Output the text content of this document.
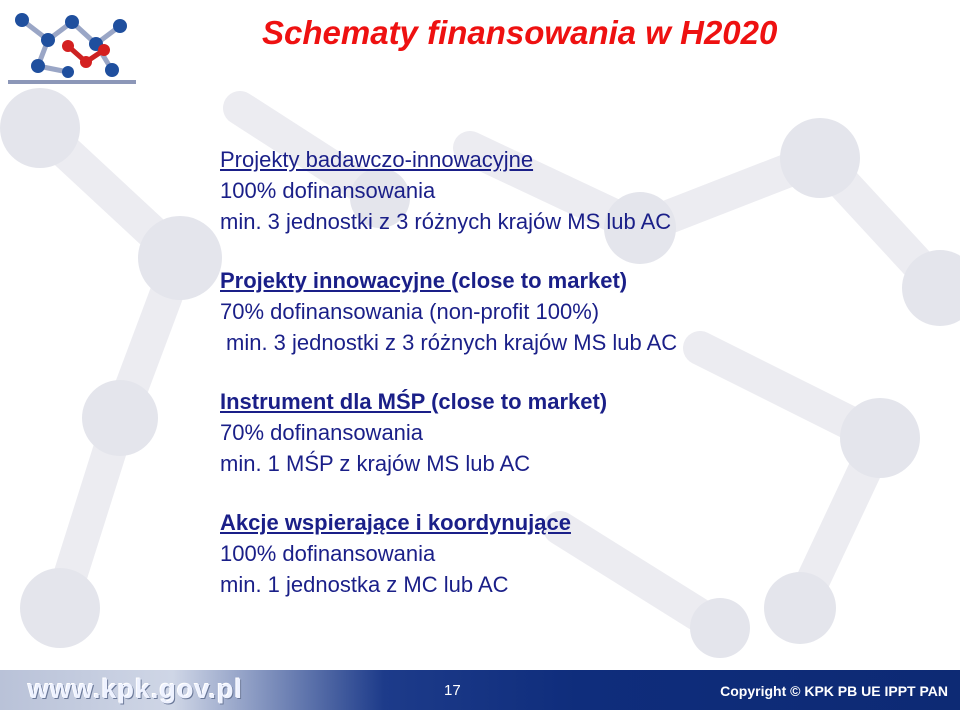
Schematy finansowania w H2020
Projekty badawczo-innowacyjne
100% dofinansowania
min. 3 jednostki z 3 różnych krajów MS lub AC
Projekty innowacyjne (close to market)
70% dofinansowania (non-profit 100%)
min. 3 jednostki z 3 różnych krajów MS lub AC
Instrument dla MŚP (close to market)
70% dofinansowania
min. 1 MŚP z krajów MS lub AC
Akcje wspierające i koordynujące
100% dofinansowania
min. 1 jednostka z MC lub AC
www.kpk.gov.pl	17	Copyright © KPK PB UE IPPT PAN
